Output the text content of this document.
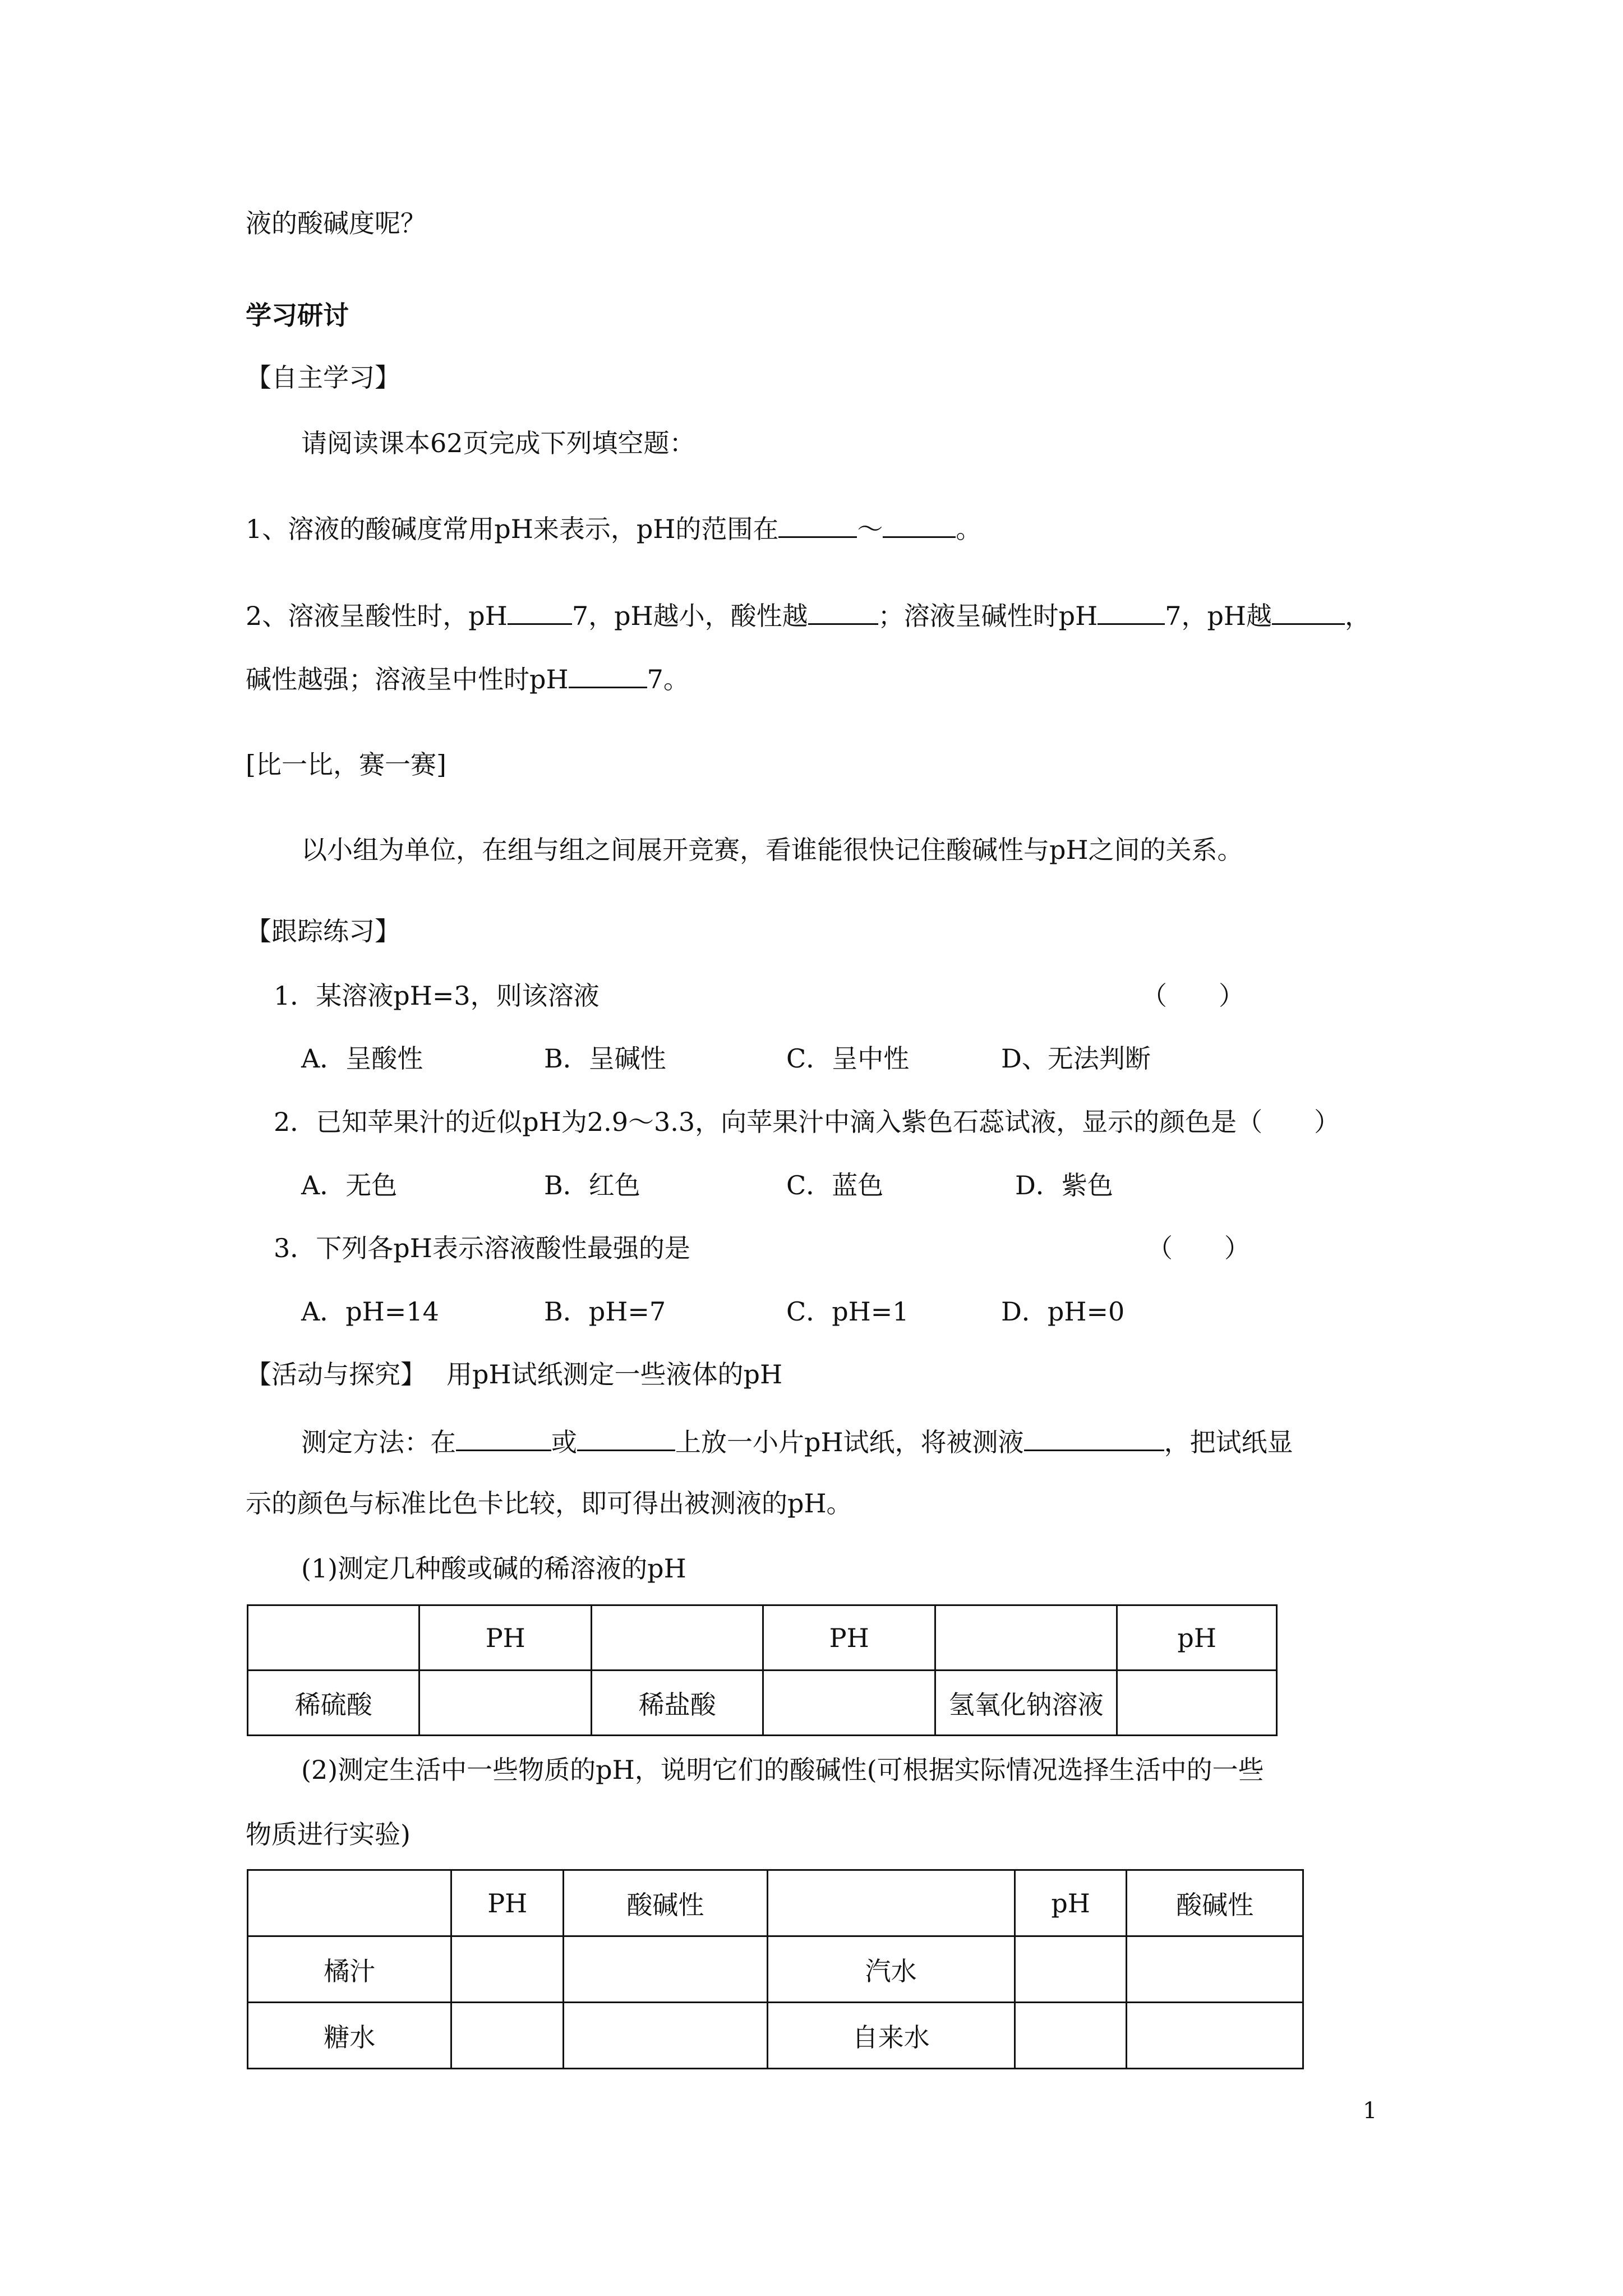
液的酸碱度呢？
学习研讨
【自主学习】
请阅读课本62页完成下列填空题：
1、溶液的酸碱度常用pH来表示，pH的范围在	～	。
2、溶液呈酸性时，pH	7，pH越小，酸性越	；溶液呈碱性时pH	7，pH越	，
碱性越强；溶液呈中性时pH	7。
[比一比，赛一赛]
以小组为单位，在组与组之间展开竞赛，看谁能很快记住酸碱性与pH之间的关系。
【跟踪练习】
1．某溶液pH=3，则该溶液	（　　）
A．呈酸性	B．呈碱性	C．呈中性	D、无法判断
2．已知苹果汁的近似pH为2.9～3.3，向苹果汁中滴入紫色石蕊试液，显示的颜色是（　　）
A．无色	B．红色	C．蓝色	D．紫色
3．下列各pH表示溶液酸性最强的是	（　　）
A．pH=14	B．pH=7	C．pH=1	D．pH=0
【活动与探究】 用pH试纸测定一些液体的pH
测定方法：在	或	上放一小片pH试纸，将被测液	，把试纸显
示的颜色与标准比色卡比较，即可得出被测液的pH。
(1)测定几种酸或碱的稀溶液的pH
	PH		PH		pH
稀硫酸		稀盐酸		氢氧化钠溶液	
(2)测定生活中一些物质的pH，说明它们的酸碱性(可根据实际情况选择生活中的一些
物质进行实验)
	PH	酸碱性		pH	酸碱性
橘汁			汽水		
糖水			自来水		
1
